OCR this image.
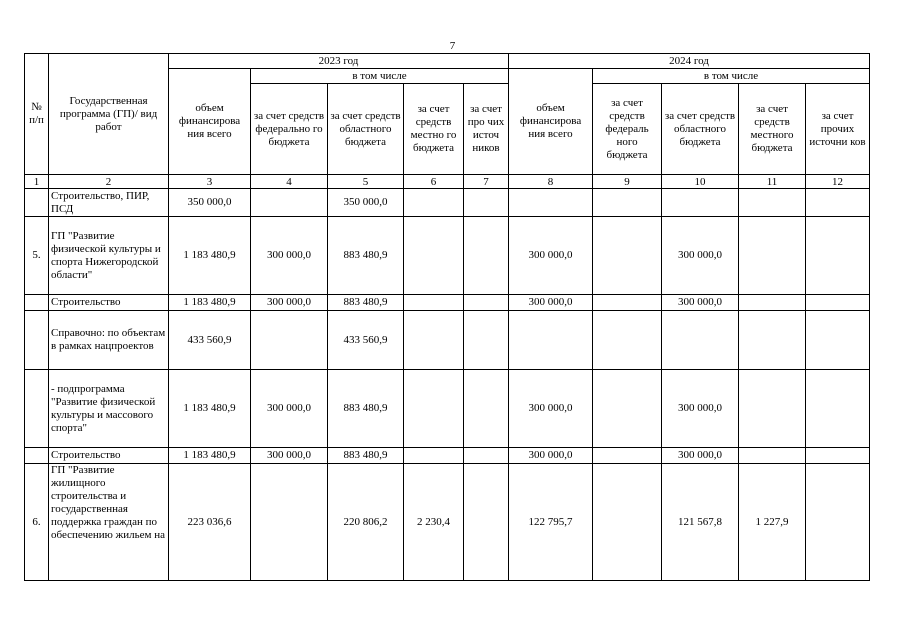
7
№ п/п	Государственная программа (ГП)/ вид работ	2023 год					2024 год				
		объем финансирова ния всего	в том числе				объем финансирова ния всего	в том числе			
			за счет средств федерально го бюджета	за счет средств областного бюджета	за счет средств местно го бюджета	за счет про чих источ ников		за счет средств федераль ного бюджета	за счет средств областного бюджета	за счет средств местного бюджета	за счет прочих источни ков
1	2	3	4	5	6	7	8	9	10	11	12
	Строительство, ПИР, ПСД	350 000,0		350 000,0							
5.	ГП "Развитие физической культуры и спорта Нижегородской области"	1 183 480,9	300 000,0	883 480,9			300 000,0		300 000,0		
	Строительство	1 183 480,9	300 000,0	883 480,9			300 000,0		300 000,0		
	Справочно: по объектам в рамках нацпроектов	433 560,9		433 560,9							
	- подпрограмма "Развитие физической культуры и массового спорта"	1 183 480,9	300 000,0	883 480,9			300 000,0		300 000,0		
	Строительство	1 183 480,9	300 000,0	883 480,9			300 000,0		300 000,0		
6.	ГП "Развитие жилищного строительства и государственная поддержка граждан по обеспечению жильем на	223 036,6		220 806,2	2 230,4		122 795,7		121 567,8	1 227,9	
